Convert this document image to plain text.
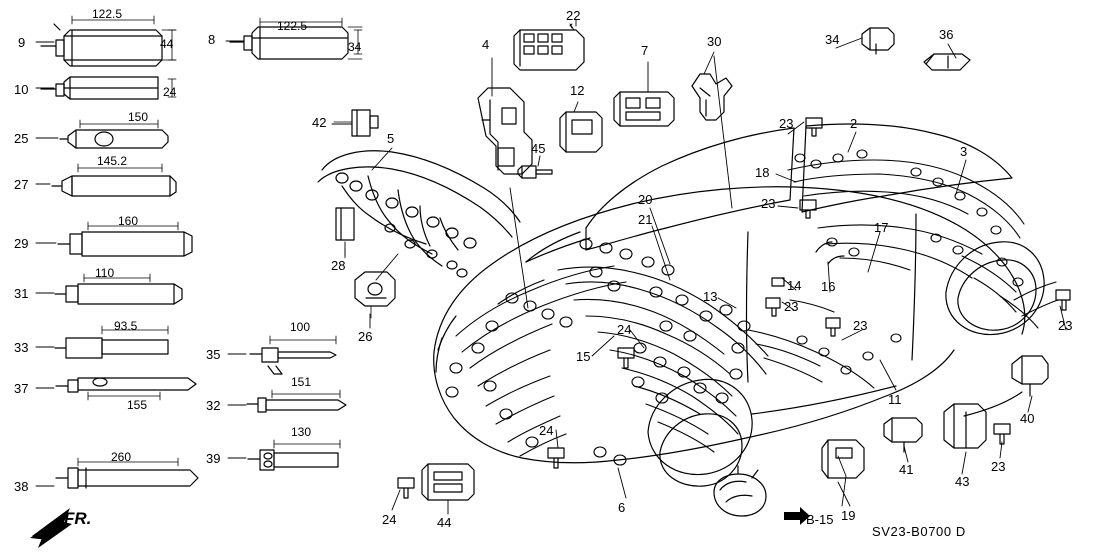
9	8
10
25
27
29
31
33
37
38
35
32
39
42
28
26
5
4
22
12
45
7
30	34	36
23	2
3
18
23
17
20
21
16
14
13
23
23
24
15
23
11
40
41
43
23
24
6
19
24	44
122.5
44
122.5
34
24
150
145.2
160
110
93.5
155
260
100
151
130
FR.	B-15
SV23-B0700 D
